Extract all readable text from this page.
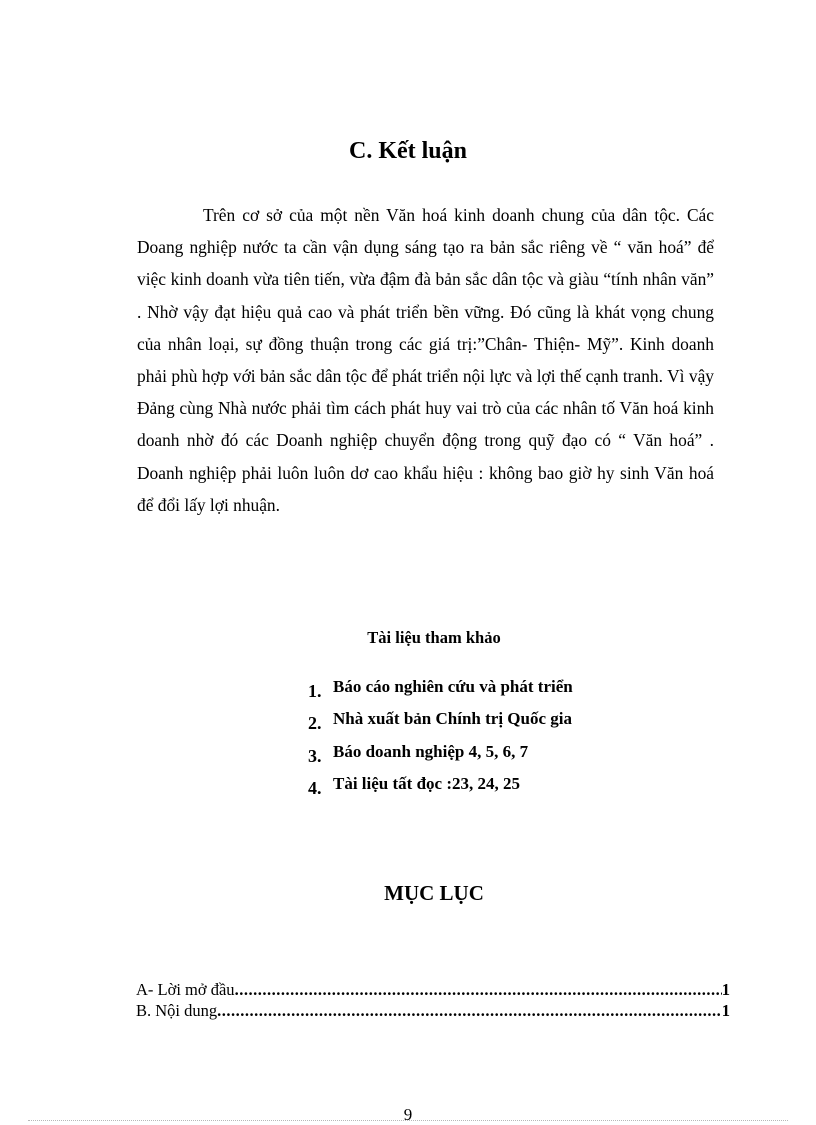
C. Kết luận

Trên cơ sở của một nền Văn hoá kinh doanh chung của dân tộc. Các Doang nghiệp nước ta cần vận dụng sáng tạo ra bản sắc riêng về “ văn hoá” để việc kinh doanh vừa tiên tiến, vừa đậm đà bản sắc dân tộc và giàu “tính nhân văn” . Nhờ vậy đạt hiệu quả cao và phát triển bền vững. Đó cũng là khát vọng chung của nhân loại, sự đồng thuận trong các giá trị:”Chân- Thiện- Mỹ”. Kinh doanh phải phù hợp với bản sắc dân tộc để phát triển nội lực và lợi thế cạnh tranh. Vì vậy Đảng cùng Nhà nước phải tìm cách phát huy vai trò của các nhân tố Văn hoá kinh doanh nhờ đó các Doanh nghiệp chuyển động trong quỹ đạo có “ Văn hoá” . Doanh nghiệp phải luôn luôn dơ cao khẩu hiệu : không bao giờ hy sinh Văn hoá để đổi lấy lợi nhuận.

Tài liệu tham khảo
1. Báo cáo nghiên cứu và phát triển
2. Nhà xuất bản Chính trị Quốc gia
3. Báo doanh nghiệp 4, 5, 6, 7
4. Tài liệu tất đọc :23, 24, 25
MỤC LỤC
A- Lời mở đầu .....	1
B. Nội dung .....	1

9
